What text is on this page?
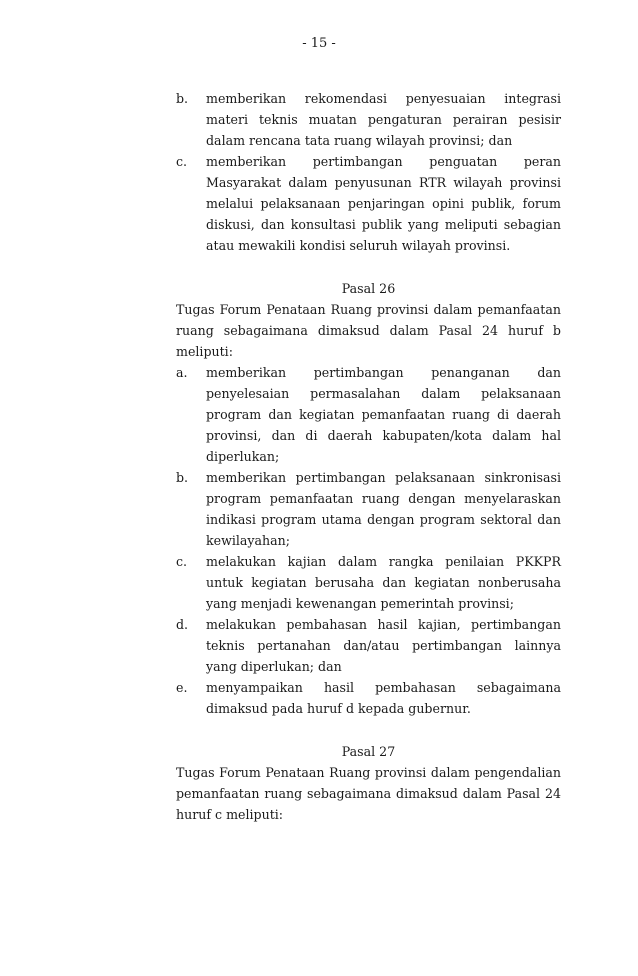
- 15 -
b.	memberikan rekomendasi penyesuaian integrasi materi teknis muatan pengaturan perairan pesisir dalam rencana tata ruang wilayah provinsi; dan
c.	memberikan pertimbangan penguatan peran Masyarakat dalam penyusunan RTR wilayah provinsi melalui pelaksanaan penjaringan opini publik, forum diskusi, dan konsultasi publik yang meliputi sebagian atau mewakili kondisi seluruh wilayah provinsi.
Pasal 26

Tugas Forum Penataan Ruang provinsi dalam pemanfaatan ruang sebagaimana dimaksud dalam Pasal 24 huruf b meliputi:

a.	memberikan pertimbangan penanganan dan penyelesaian permasalahan dalam pelaksanaan program dan kegiatan pemanfaatan ruang di daerah provinsi, dan di daerah kabupaten/kota dalam hal diperlukan;
b.	memberikan pertimbangan pelaksanaan sinkronisasi program pemanfaatan ruang dengan menyelaraskan indikasi program utama dengan program sektoral dan kewilayahan;
c.	melakukan kajian dalam rangka penilaian PKKPR untuk kegiatan berusaha dan kegiatan nonberusaha yang menjadi kewenangan pemerintah provinsi;
d.	melakukan pembahasan hasil kajian, pertimbangan teknis pertanahan dan/atau pertimbangan lainnya yang diperlukan; dan
e.	menyampaikan hasil pembahasan sebagaimana dimaksud pada huruf d kepada gubernur.
Pasal 27

Tugas Forum Penataan Ruang provinsi dalam pengendalian pemanfaatan ruang sebagaimana dimaksud dalam Pasal 24 huruf c meliputi:
